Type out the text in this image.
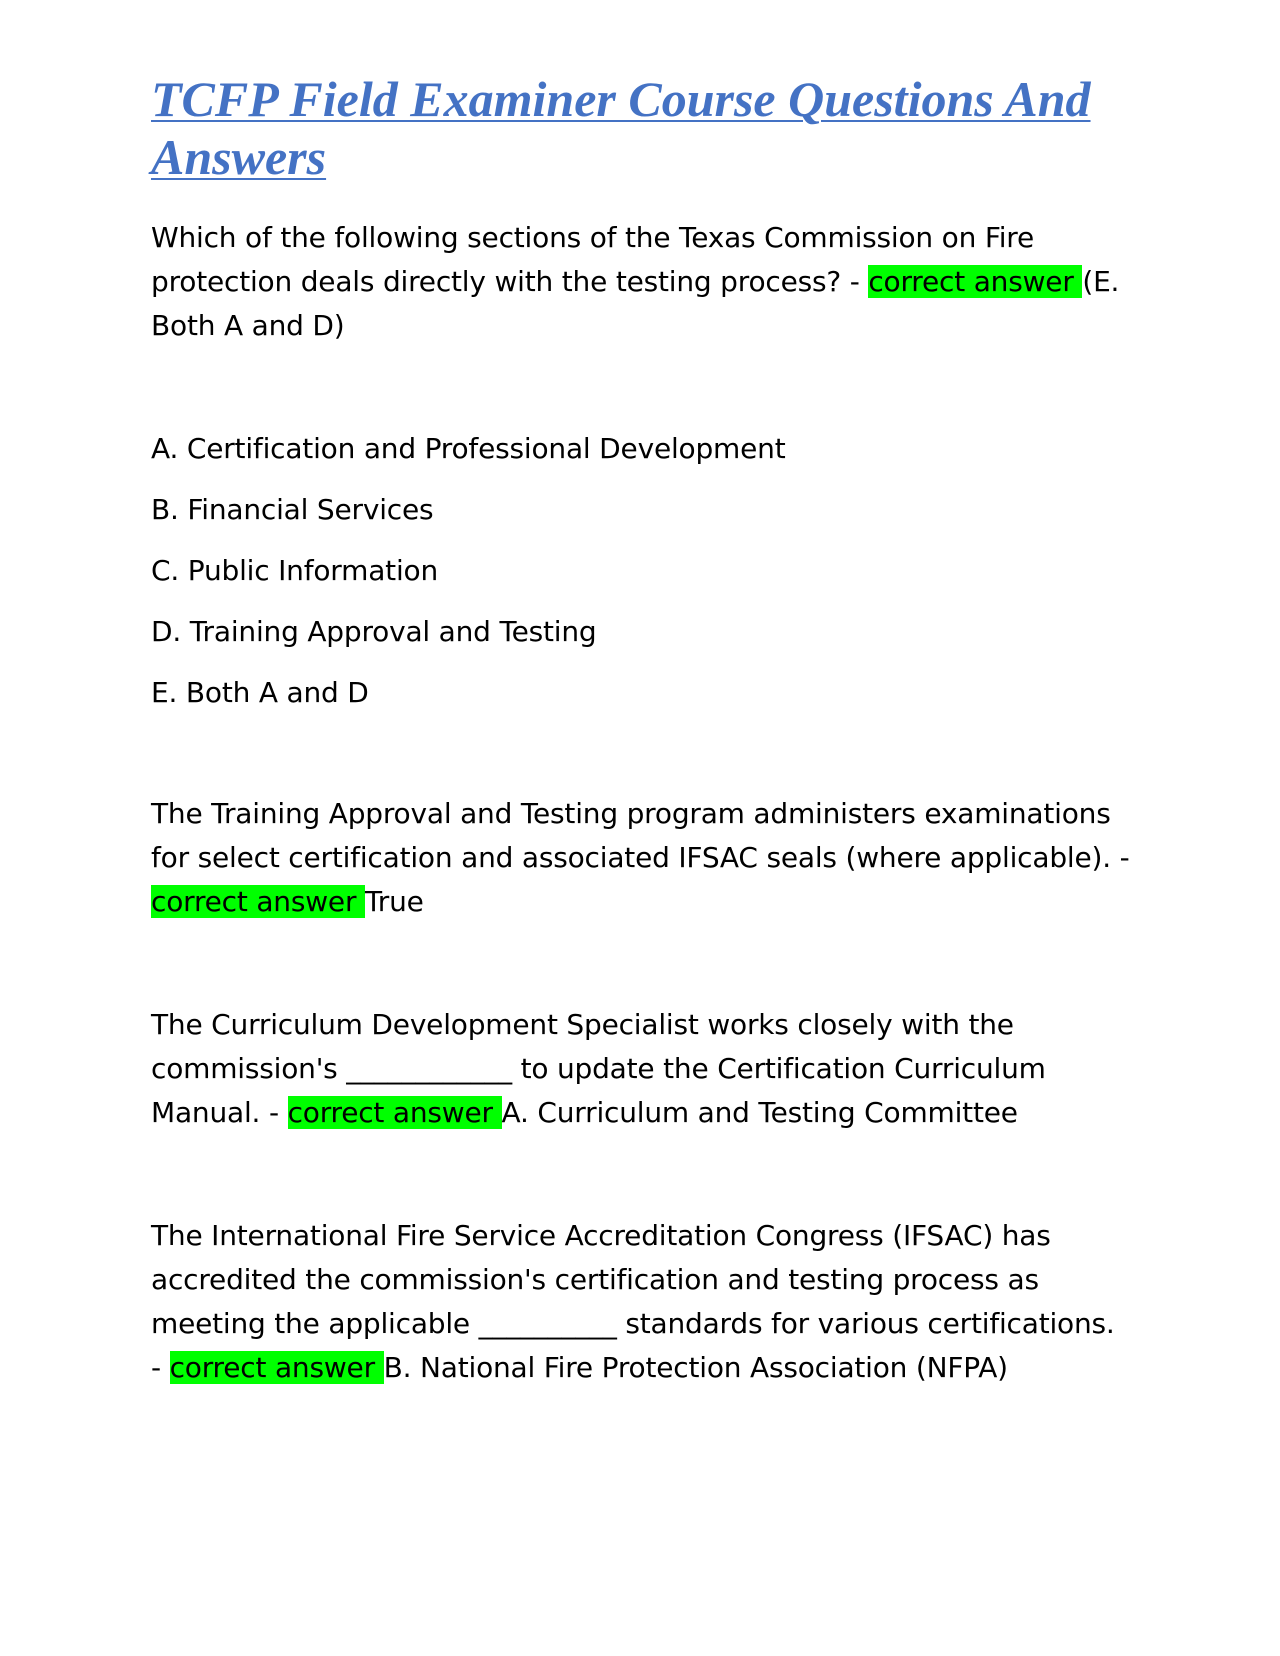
TCFP Field Examiner Course Questions And Answers

Which of the following sections of the Texas Commission on Fire protection deals directly with the testing process? - correct answer (E. Both A and D)

A. Certification and Professional Development

B. Financial Services

C. Public Information

D. Training Approval and Testing

E. Both A and D

The Training Approval and Testing program administers examinations for select certification and associated IFSAC seals (where applicable). - correct answer True

The Curriculum Development Specialist works closely with the commission's ____________ to update the Certification Curriculum Manual. - correct answer A. Curriculum and Testing Committee

The International Fire Service Accreditation Congress (IFSAC) has accredited the commission's certification and testing process as meeting the applicable __________ standards for various certifications. - correct answer B. National Fire Protection Association (NFPA)
